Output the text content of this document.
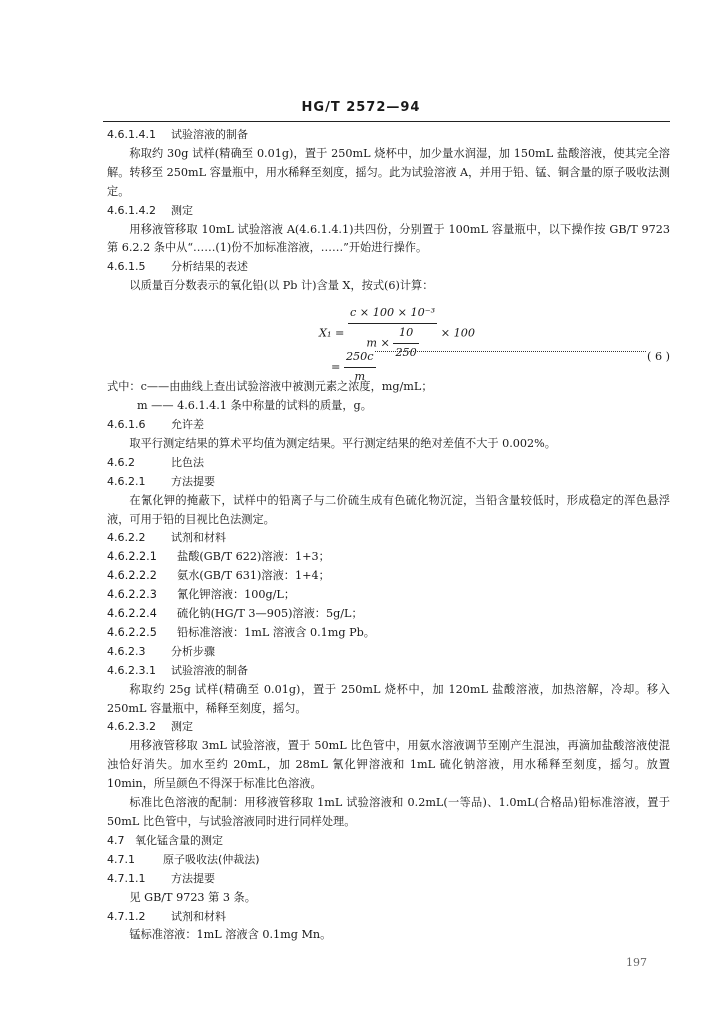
HG/T 2572—94
4.6.1.4.1 试验溶液的制备
称取约 30g 试样(精确至 0.01g)，置于 250mL 烧杯中，加少量水润湿，加 150mL 盐酸溶液，使其完全溶解。转移至 250mL 容量瓶中，用水稀释至刻度，摇匀。此为试验溶液 A，并用于铅、锰、铜含量的原子吸收法测定。
4.6.1.4.2 测定
用移液管移取 10mL 试验溶液 A(4.6.1.4.1)共四份，分别置于 100mL 容量瓶中，以下操作按 GB/T 9723第 6.2.2 条中从“……(1)份不加标准溶液，……”开始进行操作。
4.6.1.5 分析结果的表述
以质量百分数表示的氧化铅(以 Pb 计)含量 X，按式(6)计算：
$X_1 = \frac{\text{c × 100 × 10⁻³}}{m \times \frac{10}{250}} \times 100$
= $\frac{250c}{m}$	( 6 )
式中：c——由曲线上查出试验溶液中被测元素之浓度，mg/mL；
m —— 4.6.1.4.1 条中称量的试料的质量，g。
4.6.1.6 允许差
取平行测定结果的算术平均值为测定结果。平行测定结果的绝对差值不大于 0.002%。
4.6.2	比色法
4.6.2.1 方法提要
在氰化钾的掩蔽下，试样中的铅离子与二价硫生成有色硫化物沉淀，当铅含量较低时，形成稳定的浑色悬浮液，可用于铅的目视比色法测定。
4.6.2.2 试剂和材料
4.6.2.2.1 盐酸(GB/T 622)溶液：1+3；
4.6.2.2.2 氨水(GB/T 631)溶液：1+4；
4.6.2.2.3 氰化钾溶液：100g/L；
4.6.2.2.4 硫化钠(HG/T 3—905)溶液：5g/L；
4.6.2.2.5 铅标准溶液：1mL 溶液含 0.1mg Pb。
4.6.2.3 分析步骤
4.6.2.3.1 试验溶液的制备
称取约 25g 试样(精确至 0.01g)，置于 250mL 烧杯中，加 120mL 盐酸溶液，加热溶解，冷却。移入 250mL 容量瓶中，稀释至刻度，摇匀。
4.6.2.3.2 测定
用移液管移取 3mL 试验溶液，置于 50mL 比色管中，用氨水溶液调节至刚产生混浊，再滴加盐酸溶液使混浊恰好消失。加水至约 20mL，加 28mL 氰化钾溶液和 1mL 硫化钠溶液，用水稀释至刻度，摇匀。放置 10min，所呈颜色不得深于标准比色溶液。
标准比色溶液的配制：用移液管移取 1mL 试验溶液和 0.2mL(一等品)、1.0mL(合格品)铅标准溶液，置于 50mL 比色管中，与试验溶液同时进行同样处理。
4.7 氧化锰含量的测定
4.7.1	原子吸收法(仲裁法)
4.7.1.1 方法提要
见 GB/T 9723 第 3 条。
4.7.1.2 试剂和材料
锰标准溶液：1mL 溶液含 0.1mg Mn。
197
